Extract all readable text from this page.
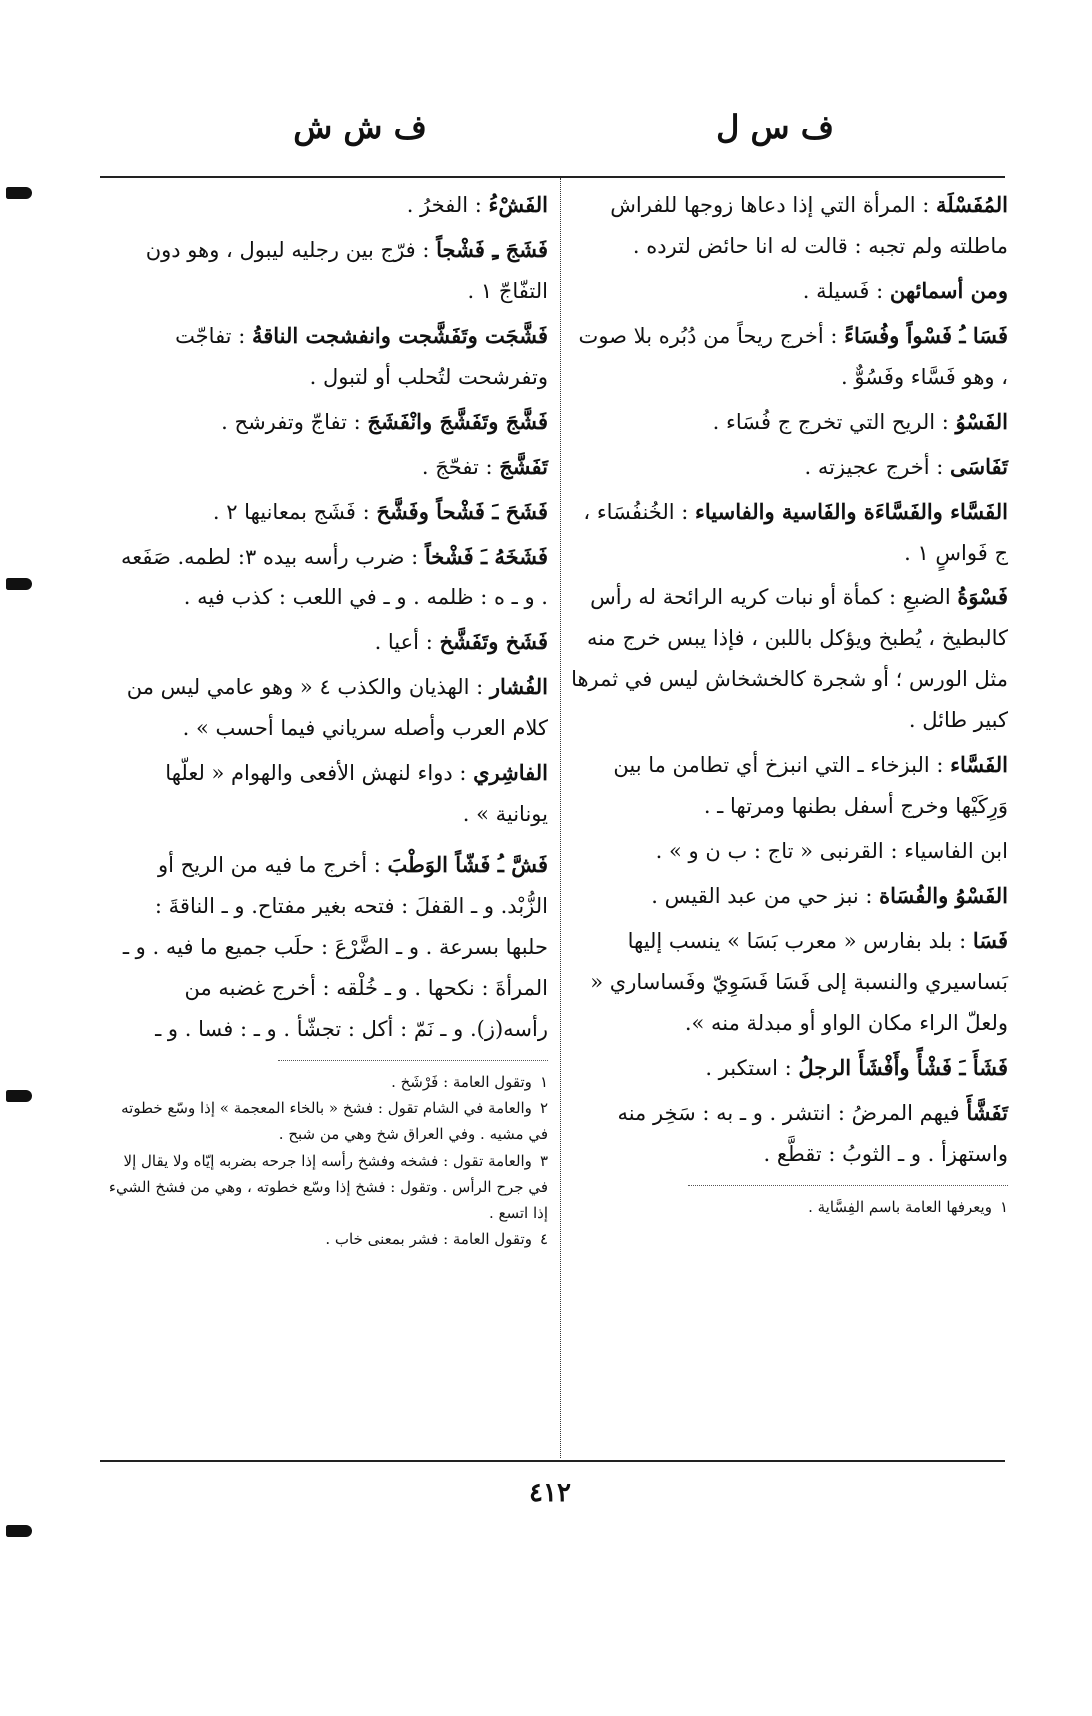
ف س ل
ف ش ش

المُفَسْلَة : المرأة التي إذا دعاها زوجها للفراش ماطلته ولم تجبه : قالت له انا حائض لترده .

ومن أسمائهن : فَسيلة .

فَسَا ـُ فَسْواً وفُسَاءً : أخرج ريحاً من دُبُره بلا صوت ، وهو فَسَّاء وفَسُوٌّ .

الفَسْوُ : الريح التي تخرج ج فُسَاء .

تَفَاسَى : أخرج عجيزته .

الفَسَّاء والفَسَّاءَة والفَاسية والفاسياء : الخُنفُسَاء ، ج فَواسٍ ١ .

فَسْوَةُ الضبعِ : كمأة أو نبات كريه الرائحة له رأس كالبطيخ ، يُطبخ ويؤكل باللبن ، فإذا يبس خرج منه مثل الورس ؛ أو شجرة كالخشخاش ليس في ثمرها كبير طائل .

الفَسَّاء : البزخاء ـ التي انبزخ أي تطامن ما بين وَرِكَيْها وخرج أسفل بطنها ومرتها ـ .

ابن الفاسياء : القرنبى « تاج : ب ن و » .

الفَسْوُ والفُسَاة : نبز حي من عبد القيس .

فَسَا : بلد بفارس « معرب بَسَا » ينسب إليها بَساسيري والنسبة إلى فَسَا فَسَوِيّ وفَساساري « ولعلّ الراء مكان الواو أو مبدلة منه ».

فَشَأَ ـَ فَشْأً وأَفْشَأَ الرجلُ : استكبر .

تَفَشَّأَ فيهم المرضُ : انتشر . و ـ به : سَخِر منه واستهزأ . و ـ الثوبُ : تقطَّع .

١ويعرفها العامة باسم الفِسَّاية .

الفَشْءُ : الفخرُ .

فَشَجَ ـِ فَشْجاً : فرّج بين رجليه ليبول ، وهو دون التفّاجّ ١ .

فَشَّجَت وتَفَشَّجت وانفشجت الناقةُ : تفاجّت وتفرشحت لتُحلب أو لتبول .

فَشَّجَ وتَفَشَّجَ وانْفَشَجَ : تفاجّ وتفرشح .

تَفَشَّجَ : تفحّجَ .

فَشَحَ ـَ فَشْحاً وفَشَّحَ : فَشَج بمعانيها ٢ .

فَشَخَهُ ـَ فَشْخاً : ضرب رأسه بيده ٣: لطمه. صَفَعه . و ـ ه : ظلمه . و ـ في اللعب : كذب فيه .

فَشَخ وتَفَشَّخ : أعيا .

الفُشار : الهذيان والكذب ٤ « وهو عامي ليس من كلام العرب وأصله سرياني فيما أحسب » .

الفاشِري : دواء لنهش الأفعى والهوام « لعلّها يونانية » .

فَشَّ ـُ فَشّاً الوَطْبَ : أخرج ما فيه من الريح أو الزُّبْد. و ـ القفلَ : فتحه بغير مفتاح. و ـ الناقةَ : حلبها بسرعة . و ـ الضَّرْعَ : حلَب جميع ما فيه . و ـ المرأةَ : نكحها . و ـ خُلْقه : أخرج غضبه من رأسه(ز). و ـ نَمّ : أكل : تجشّأ . و ـ : فسا . و ـ

١وتقول العامة : فَرْشَخ .
٢والعامة في الشام تقول : فشخ « بالخاء المعجمة » إذا وسّع خطوته في مشيه . وفي العراق شخ وهي من شبح .
٣والعامة تقول : فشخه وفشخ رأسه إذا جرحه بضربه إيّاه ولا يقال إلا في جرح الرأس . وتقول : فشخ إذا وسّع خطوته ، وهي من فشخ الشيء إذا اتسع .
٤وتقول العامة : فشر بمعنى خاب .
٤١٢
